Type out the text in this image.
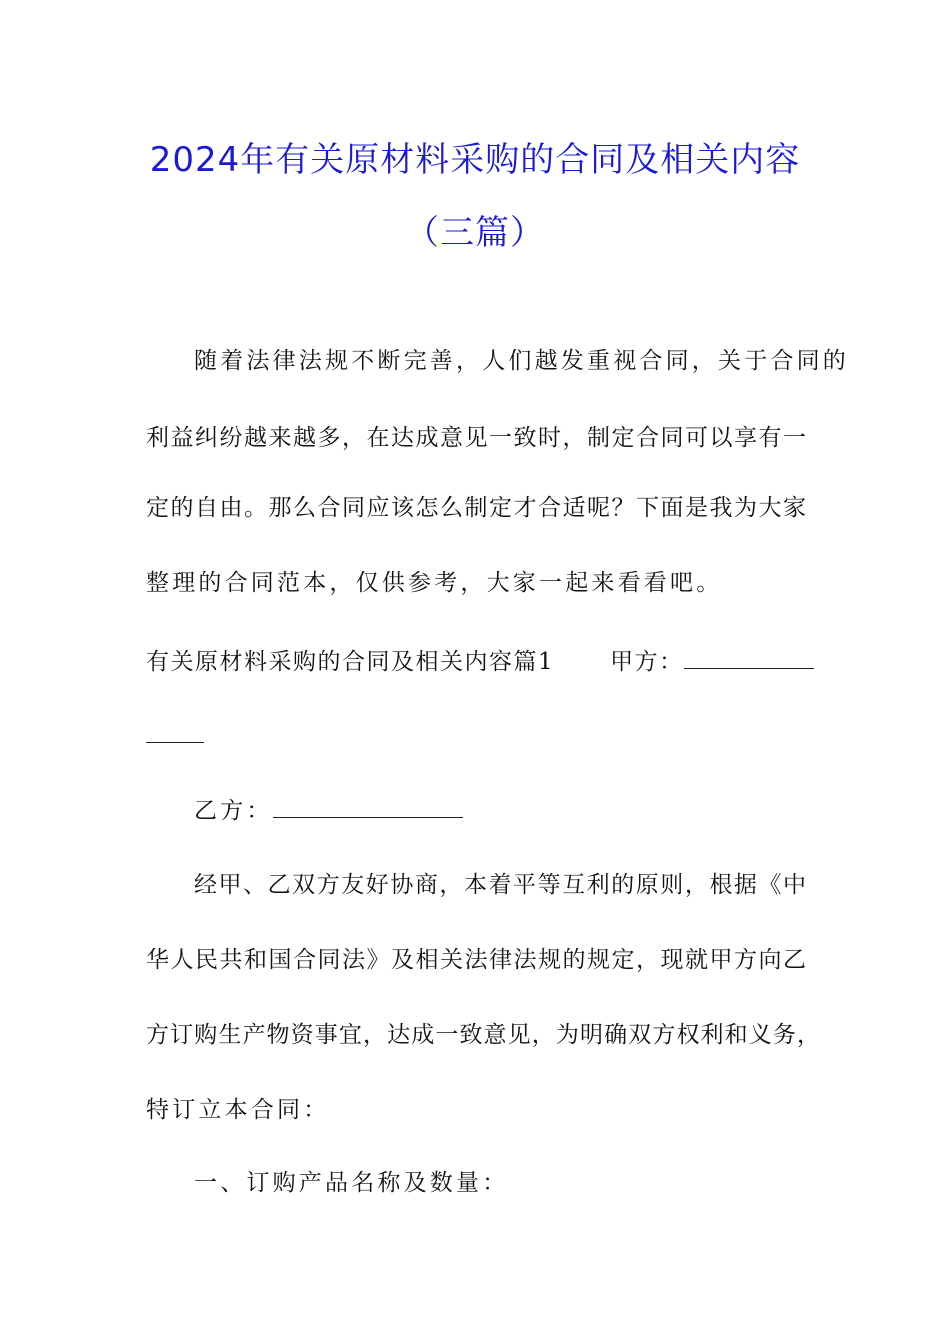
2024年有关原材料采购的合同及相关内容
（三篇）
随着法律法规不断完善，人们越发重视合同，关于合同的
利益纠纷越来越多，在达成意见一致时，制定合同可以享有一
定的自由。那么合同应该怎么制定才合适呢？下面是我为大家
整理的合同范本，仅供参考，大家一起来看看吧。
有关原材料采购的合同及相关内容篇1 甲方：
乙方：
经甲、乙双方友好协商，本着平等互利的原则，根据《中
华人民共和国合同法》及相关法律法规的规定，现就甲方向乙
方订购生产物资事宜，达成一致意见，为明确双方权利和义务，
特订立本合同：
一、订购产品名称及数量：
